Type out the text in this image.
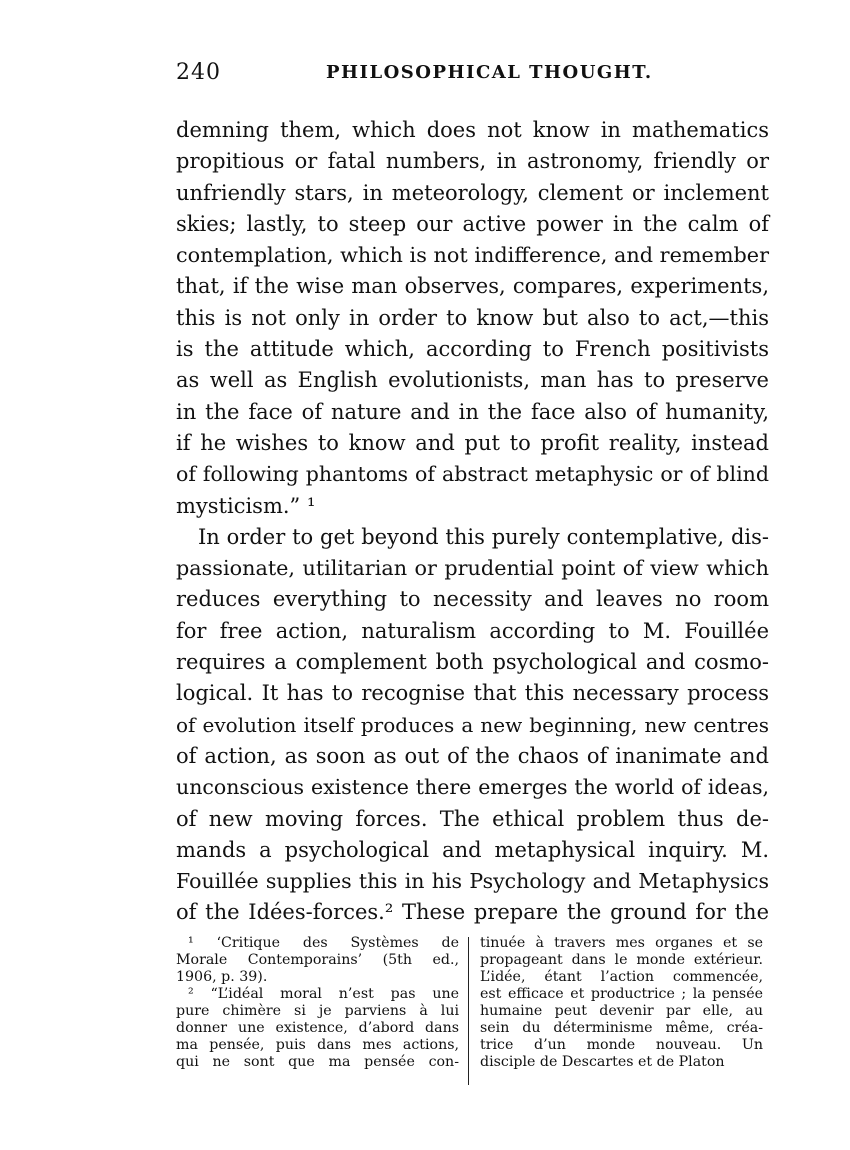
240	PHILOSOPHICAL THOUGHT.
demning them, which does not know in mathematics
propitious or fatal numbers, in astronomy, friendly or
unfriendly stars, in meteorology, clement or inclement
skies; lastly, to steep our active power in the calm of
contemplation, which is not indifference, and remember
that, if the wise man observes, compares, experiments,
this is not only in order to know but also to act,—this
is the attitude which, according to French positivists
as well as English evolutionists, man has to preserve
in the face of nature and in the face also of humanity,
if he wishes to know and put to profit reality, instead
of following phantoms of abstract metaphysic or of blind
mysticism.” ¹
In order to get beyond this purely contemplative, dis-
passionate, utilitarian or prudential point of view which
reduces everything to necessity and leaves no room
for free action, naturalism according to M. Fouillée
requires a complement both psychological and cosmo-
logical. It has to recognise that this necessary process
of evolution itself produces a new beginning, new centres
of action, as soon as out of the chaos of inanimate and
unconscious existence there emerges the world of ideas,
of new moving forces. The ethical problem thus de-
mands a psychological and metaphysical inquiry. M.
Fouillée supplies this in his Psychology and Metaphysics
of the Idées-forces.² These prepare the ground for the
¹ ‘Critique des Systèmes de
Morale Contemporains’ (5th ed.,
1906, p. 39).
² “L’idéal moral n’est pas une
pure chimère si je parviens à lui
donner une existence, d’abord dans
ma pensée, puis dans mes actions,
qui ne sont que ma pensée con-
tinuée à travers mes organes et se
propageant dans le monde extérieur.
L’idée, étant l’action commencée,
est efficace et productrice ; la pensée
humaine peut devenir par elle, au
sein du déterminisme même, créa-
trice d’un monde nouveau. Un
disciple de Descartes et de Platon
